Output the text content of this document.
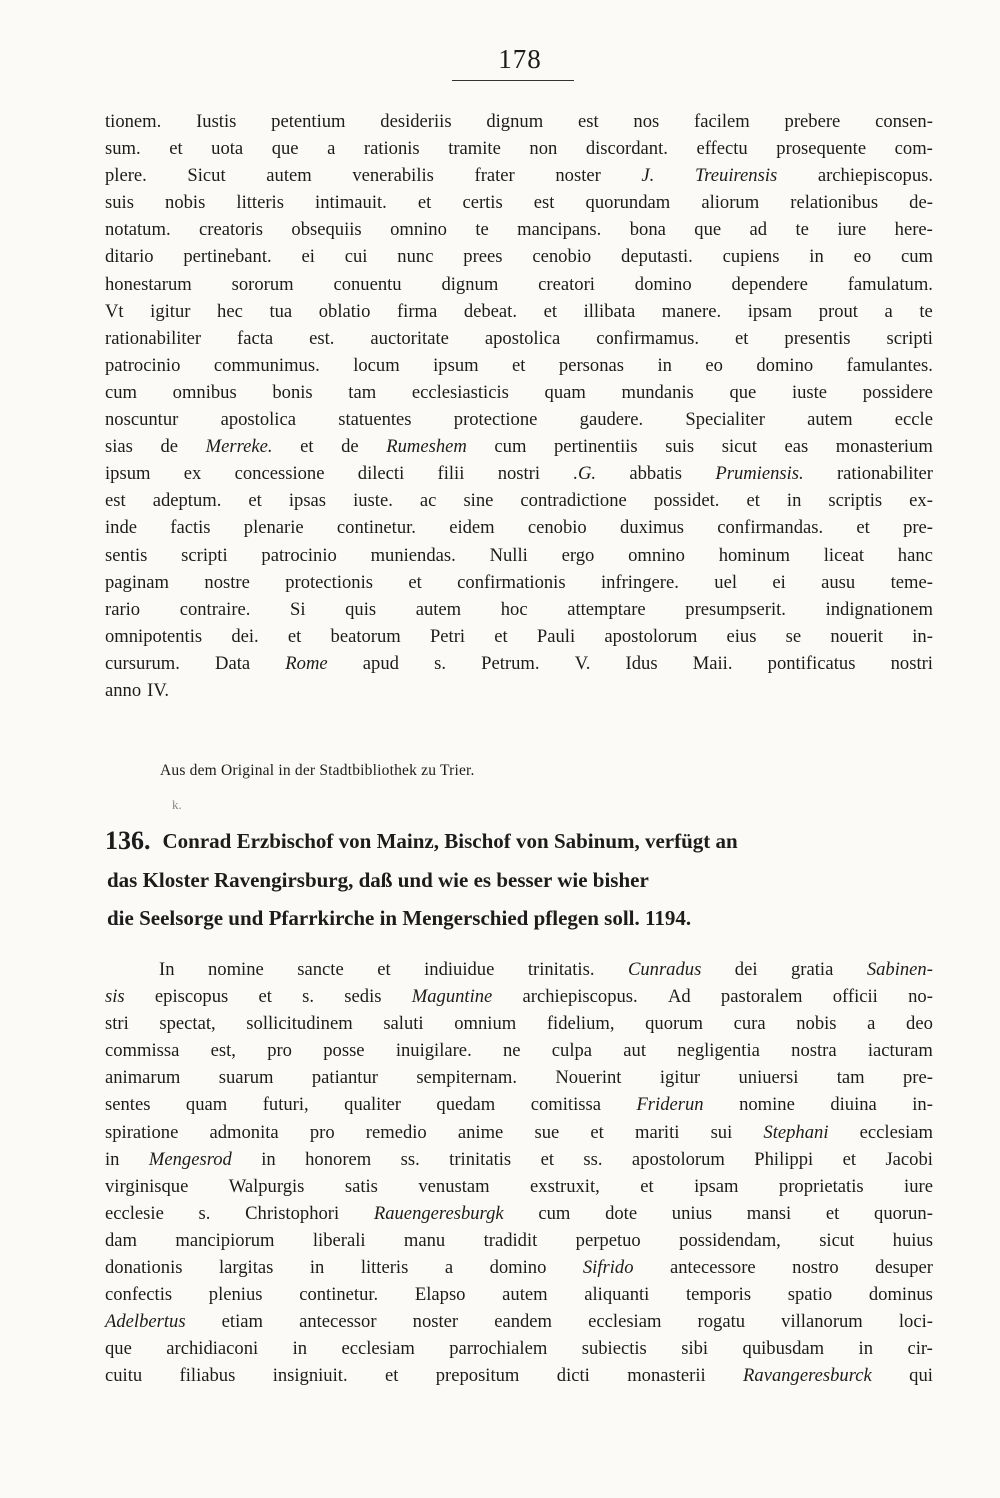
178
tionem. Iustis petentium desideriis dignum est nos facilem prebere consen-
sum. et uota que a rationis tramite non discordant. effectu prosequente com-
plere. Sicut autem venerabilis frater noster J. Treuirensis archiepiscopus.
suis nobis litteris intimauit. et certis est quorundam aliorum relationibus de-
notatum. creatoris obsequiis omnino te mancipans. bona que ad te iure here-
ditario pertinebant. ei cui nunc prees cenobio deputasti. cupiens in eo cum
honestarum sororum conuentu dignum creatori domino dependere famulatum.
Vt igitur hec tua oblatio firma debeat. et illibata manere. ipsam prout a te
rationabiliter facta est. auctoritate apostolica confirmamus. et presentis scripti
patrocinio communimus. locum ipsum et personas in eo domino famulantes.
cum omnibus bonis tam ecclesiasticis quam mundanis que iuste possidere
noscuntur apostolica statuentes protectione gaudere. Specialiter autem eccle
sias de Merreke. et de Rumeshem cum pertinentiis suis sicut eas monasterium
ipsum ex concessione dilecti filii nostri .G. abbatis Prumiensis. rationabiliter
est adeptum. et ipsas iuste. ac sine contradictione possidet. et in scriptis ex-
inde factis plenarie continetur. eidem cenobio duximus confirmandas. et pre-
sentis scripti patrocinio muniendas. Nulli ergo omnino hominum liceat hanc
paginam nostre protectionis et confirmationis infringere. uel ei ausu teme-
rario contraire. Si quis autem hoc attemptare presumpserit. indignationem
omnipotentis dei. et beatorum Petri et Pauli apostolorum eius se nouerit in-
cursurum. Data Rome apud s. Petrum. V. Idus Maii. pontificatus nostri
anno IV.
Aus dem Original in der Stadtbibliothek zu Trier.
k.
136. Conrad Erzbischof von Mainz, Bischof von Sabinum, verfügt an
das Kloster Ravengirsburg, daß und wie es besser wie bisher
die Seelsorge und Pfarrkirche in Mengerschied pflegen soll. 1194.
In nomine sancte et indiuidue trinitatis. Cunradus dei gratia Sabinen-
sis episcopus et s. sedis Maguntine archiepiscopus. Ad pastoralem officii no-
stri spectat, sollicitudinem saluti omnium fidelium, quorum cura nobis a deo
commissa est, pro posse inuigilare. ne culpa aut negligentia nostra iacturam
animarum suarum patiantur sempiternam. Nouerint igitur uniuersi tam pre-
sentes quam futuri, qualiter quedam comitissa Friderun nomine diuina in-
spiratione admonita pro remedio anime sue et mariti sui Stephani ecclesiam
in Mengesrod in honorem ss. trinitatis et ss. apostolorum Philippi et Jacobi
virginisque Walpurgis satis venustam exstruxit, et ipsam proprietatis iure
ecclesie s. Christophori Rauengeresburgk cum dote unius mansi et quorun-
dam mancipiorum liberali manu tradidit perpetuo possidendam, sicut huius
donationis largitas in litteris a domino Sifrido antecessore nostro desuper
confectis plenius continetur. Elapso autem aliquanti temporis spatio dominus
Adelbertus etiam antecessor noster eandem ecclesiam rogatu villanorum loci-
que archidiaconi in ecclesiam parrochialem subiectis sibi quibusdam in cir-
cuitu filiabus insigniuit. et prepositum dicti monasterii Ravangeresburck qui
